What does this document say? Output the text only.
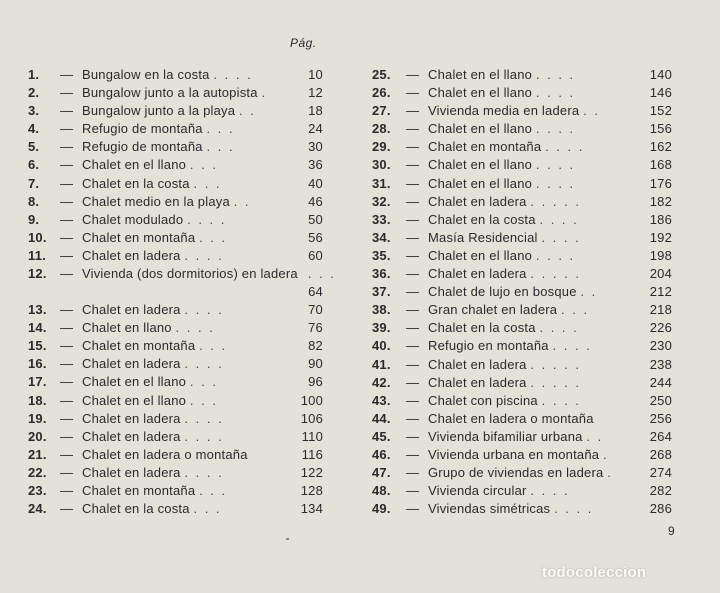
Pág.
1. — Bungalow en la costa . . . .	10
2. — Bungalow junto a la autopista .	12
3. — Bungalow junto a la playa . .	18
4. — Refugio de montaña . . .	24
5. — Refugio de montaña . . .	30
6. — Chalet en el llano . . .	36
7. — Chalet en la costa . . .	40
8. — Chalet medio en la playa . .	46
9. — Chalet modulado . . . .	50
10. — Chalet en montaña . . .	56
11. — Chalet en ladera . . . .	60
12. — Vivienda (dos dormitorios) en ladera . . .
64
13. — Chalet en ladera . . . .	70
14. — Chalet en llano . . . .	76
15. — Chalet en montaña . . .	82
16. — Chalet en ladera . . . .	90
17. — Chalet en el llano . . .	96
18. — Chalet en el llano . . .	100
19. — Chalet en ladera . . . .	106
20. — Chalet en ladera . . . .	110
21. — Chalet en ladera o montaña	116
22. — Chalet en ladera . . . .	122
23. — Chalet en montaña . . .	128
24. — Chalet en la costa . . .	134
25. — Chalet en el llano . . . .	140
26. — Chalet en el llano . . . .	146
27. — Vivienda media en ladera . .	152
28. — Chalet en el llano . . . .	156
29. — Chalet en montaña . . . .	162
30. — Chalet en el llano . . . .	168
31. — Chalet en el llano . . . .	176
32. — Chalet en ladera . . . . .	182
33. — Chalet en la costa . . . .	186
34. — Masía Residencial . . . .	192
35. — Chalet en el llano . . . .	198
36. — Chalet en ladera . . . . .	204
37. — Chalet de lujo en bosque . .	212
38. — Gran chalet en ladera . . .	218
39. — Chalet en la costa . . . .	226
40. — Refugio en montaña . . . .	230
41. — Chalet en ladera . . . . .	238
42. — Chalet en ladera . . . . .	244
43. — Chalet con piscina . . . .	250
44. — Chalet en ladera o montaña	256
45. — Vivienda bifamiliar urbana . .	264
46. — Vivienda urbana en montaña .	268
47. — Grupo de viviendas en ladera .	274
48. — Vivienda circular . . . .	282
49. — Viviendas simétricas . . . .	286
9
todocoleccion
